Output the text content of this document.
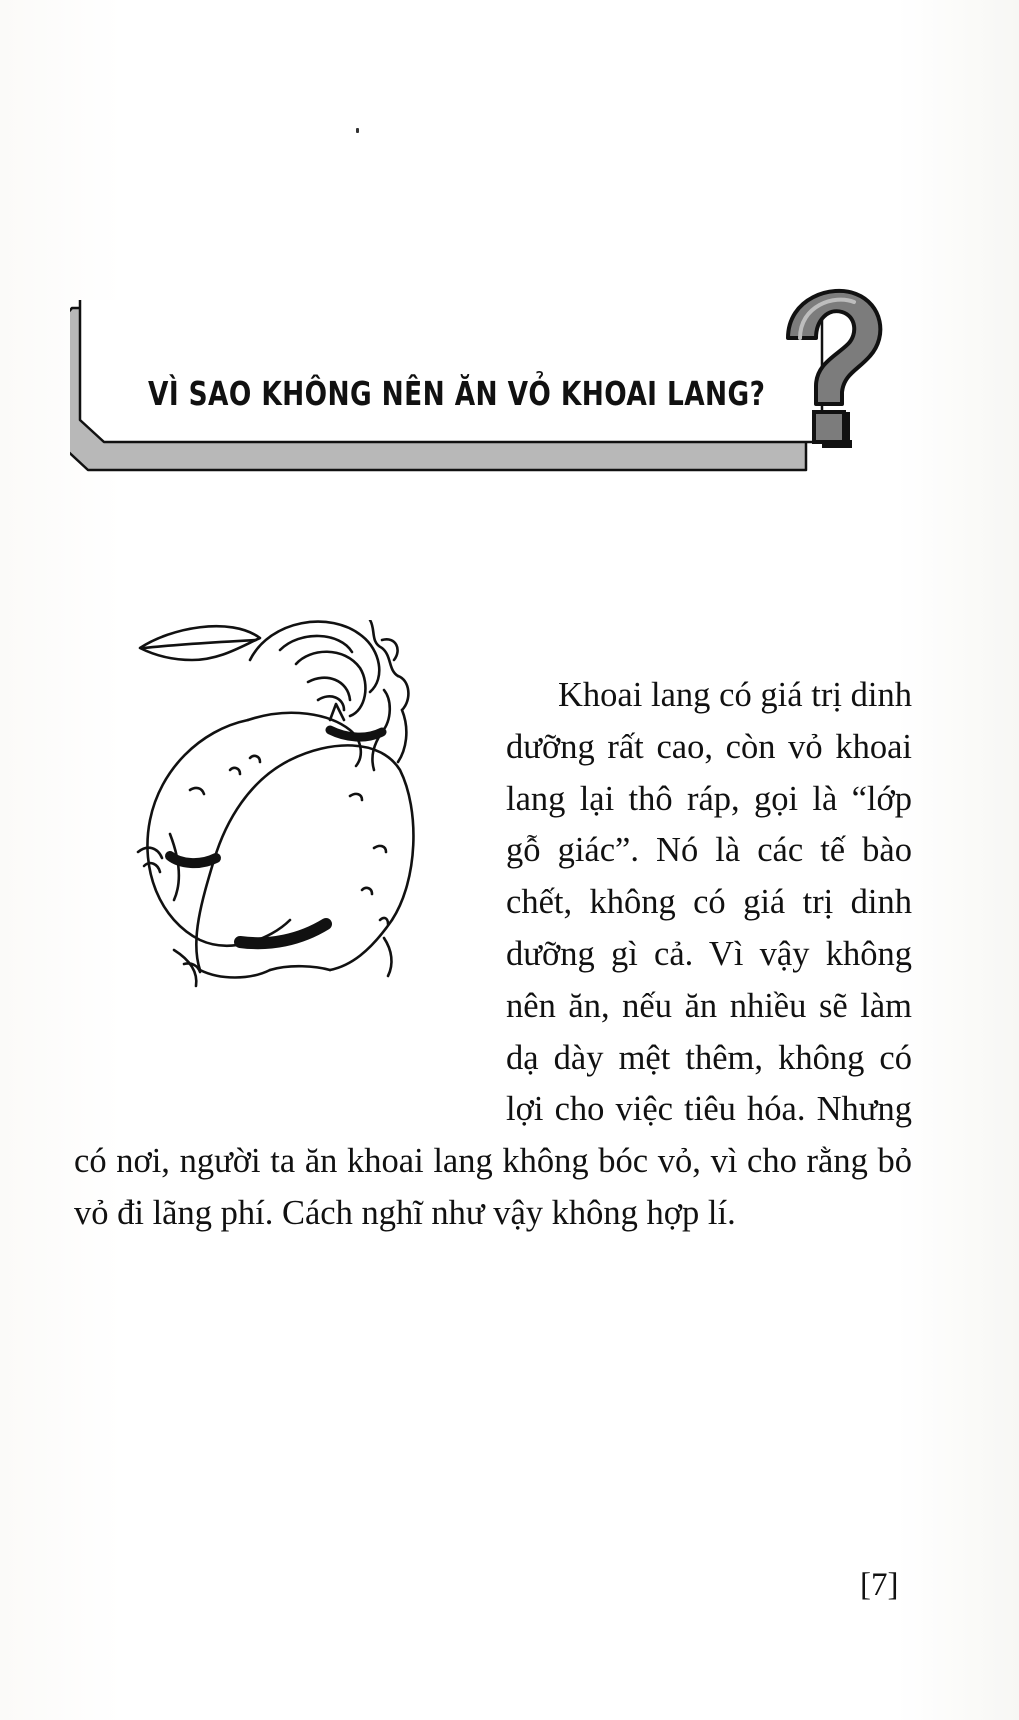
VÌ SAO KHÔNG NÊN ĂN VỎ KHOAI LANG?
Khoai lang có giá trị dinh dưỡng rất cao, còn vỏ khoai lang lại thô ráp, gọi là “lớp gỗ giác”. Nó là các tế bào chết, không có giá trị dinh dưỡng gì cả. Vì vậy không nên ăn, nếu ăn nhiều sẽ làm dạ dày mệt thêm, không có lợi cho việc tiêu hóa. Nhưng có nơi, người ta ăn khoai lang không bóc vỏ, vì cho rằng bỏ vỏ đi lãng phí. Cách nghĩ như vậy không hợp lí.
[7]
